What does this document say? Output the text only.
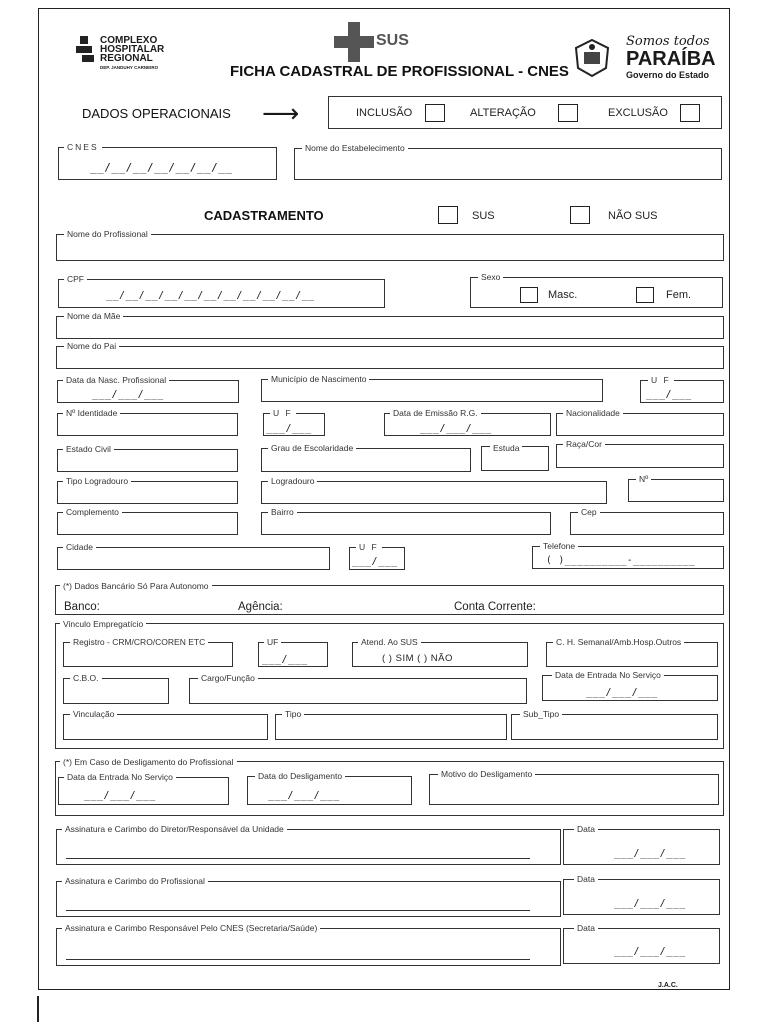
COMPLEXO
HOSPITALAR
REGIONAL
DEP. JANDUHY CARNEIRO
SUS
FICHA CADASTRAL DE PROFISSIONAL - CNES
Somos todos
PARAÍBA
Governo do Estado
DADOS OPERACIONAIS ⟶	INCLUSÃO	ALTERAÇÃO	EXCLUSÃO
CNES
__/__/__/__/__/__/__
Nome do Estabelecimento
CADASTRAMENTO	SUS	NÃO SUS
Nome do Profissional
CPF
__/__/__/__/__/__/__/__/__/__/__
Sexo
Masc.	Fem.
Nome da Mãe
Nome do Pai
Data da Nasc. Profissional
___/___/___
Município de Nascimento	U F
___/___
Nº Identidade	U F
___/___
Data de Emissão R.G.
___/___/___
Nacionalidade
Estado Civil	Grau de Escolaridade	Estuda	Raça/Cor
Tipo Logradouro	Logradouro	Nº
Complemento	Bairro	Cep
Cidade	U F
___/___
Telefone
( )__________-__________
(*) Dados Bancário Só Para Autonomo
Banco:	Agência:	Conta Corrente:
Vinculo Empregatício
Registro - CRM/CRO/COREN ETC	UF
___/___
Atend. Ao SUS
( ) SIM ( ) NÃO
C. H. Semanal/Amb.Hosp.Outros
C.B.O.	Cargo/Função	Data de Entrada No Serviço
___/___/___
Vinculação	Tipo	Sub_Tipo
(*) Em Caso de Desligamento do Profissional
Data da Entrada No Serviço
___/___/___
Data do Desligamento
___/___/___
Motivo do Desligamento
Assinatura e Carimbo do Diretor/Responsável da Unidade	Data
___/___/___
Assinatura e Carimbo do Profissional	Data
___/___/___
Assinatura e Carimbo Responsável Pelo CNES (Secretaria/Saúde)	Data
___/___/___
J.A.C.
